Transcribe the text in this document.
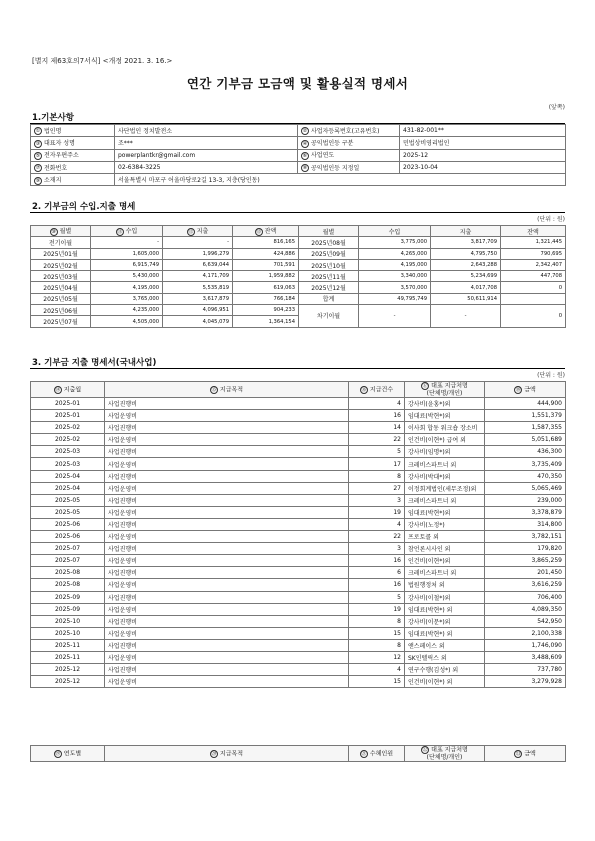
[별지 제63호의7서식] <개정 2021. 3. 16.>
연간 기부금 모금액 및 활용실적 명세서
(앞쪽)
1.기본사항
① 법인명	사단법인 정치발전소	② 사업자등록번호(고유번호)	431-82-001**
③ 대표자 성명	조***	④ 공익법인등 구분	민법상비영리법인
⑤ 전자우편주소	powerplantkr@gmail.com	⑥ 사업연도	2025-12
⑦ 전화번호	02-6384-3225	⑧ 공익법인등 지정일	2023-10-04
⑨ 소재지	서울특별시 마포구 어울마당로2길 13-3, 지층(당인동)		
2. 기부금의 수입.지출 명세
(단위 : 원)
⑩ 월별	⑪ 수입	⑫ 지출	⑬ 잔액	월별	수입	지출	잔액
전기이월	-	-	816,165	2025년08월	3,775,000	3,817,709	1,321,445
2025년01월	1,605,000	1,996,279	424,886	2025년09월	4,265,000	4,795,750	790,695
2025년02월	6,915,749	6,639,044	701,591	2025년10월	4,195,000	2,643,288	2,342,407
2025년03월	5,430,000	4,171,709	1,959,882	2025년11월	3,340,000	5,234,699	447,708
2025년04월	4,195,000	5,535,819	619,063	2025년12월	3,570,000	4,017,708	0
2025년05월	3,765,000	3,617,879	766,184	합계	49,795,749	50,611,914	
2025년06월	4,235,000	4,096,951	904,233	차기이월	-	-	0
2025년07월	4,505,000	4,045,079	1,364,154				
3. 기부금 지출 명세서(국내사업)
(단위 : 원)
⑭ 지출월	⑮ 지급목적	⑯ 지급건수	⑰ 대표 지급처명
(단체명/개인)	⑱ 금액
2025-01	사업진행비	4	강사비(윤홍*)외	444,900
2025-01	사업운영비	16	임대료(박현*)외	1,551,379
2025-02	사업진행비	14	이사회 합동 워크숍 장소비	1,587,355
2025-02	사업운영비	22	인건비(이현*) 급여 외	5,051,689
2025-03	사업진행비	5	강사비(임명*)외	436,300
2025-03	사업운영비	17	크레비스파트너 외	3,735,409
2025-04	사업진행비	8	강사비(박대*)외	470,350
2025-04	사업운영비	27	이정회계법인(세무조정)외	5,065,469
2025-05	사업진행비	3	크레비스파트너 외	239,000
2025-05	사업운영비	19	임대료(박현*)외	3,378,879
2025-06	사업진행비	4	강사비(노정*)	314,800
2025-06	사업운영비	22	프로토콜 외	3,782,151
2025-07	사업진행비	3	참언론시사인 외	179,820
2025-07	사업운영비	16	인건비(이현*)외	3,865,259
2025-08	사업진행비	6	크레비스파트너 외	201,450
2025-08	사업운영비	16	법원행정처 외	3,616,259
2025-09	사업진행비	5	강사비(이철*)외	706,400
2025-09	사업운영비	19	임대료(박현*) 외	4,089,350
2025-10	사업진행비	8	강사비(이문*)외	542,950
2025-10	사업운영비	15	임대료(박현*) 외	2,100,338
2025-11	사업진행비	8	앤스페이스 외	1,746,090
2025-11	사업운영비	12	SK인텔릭스 외	3,488,609
2025-12	사업진행비	4	연구수행(김성*) 외	737,780
2025-12	사업운영비	15	인건비(이현*) 외	3,279,928
⑲ 연도별	⑳ 지급목적	㉑ 수혜인원	㉒ 대표 지급처명
(단체명/개인)	㉓ 금액
